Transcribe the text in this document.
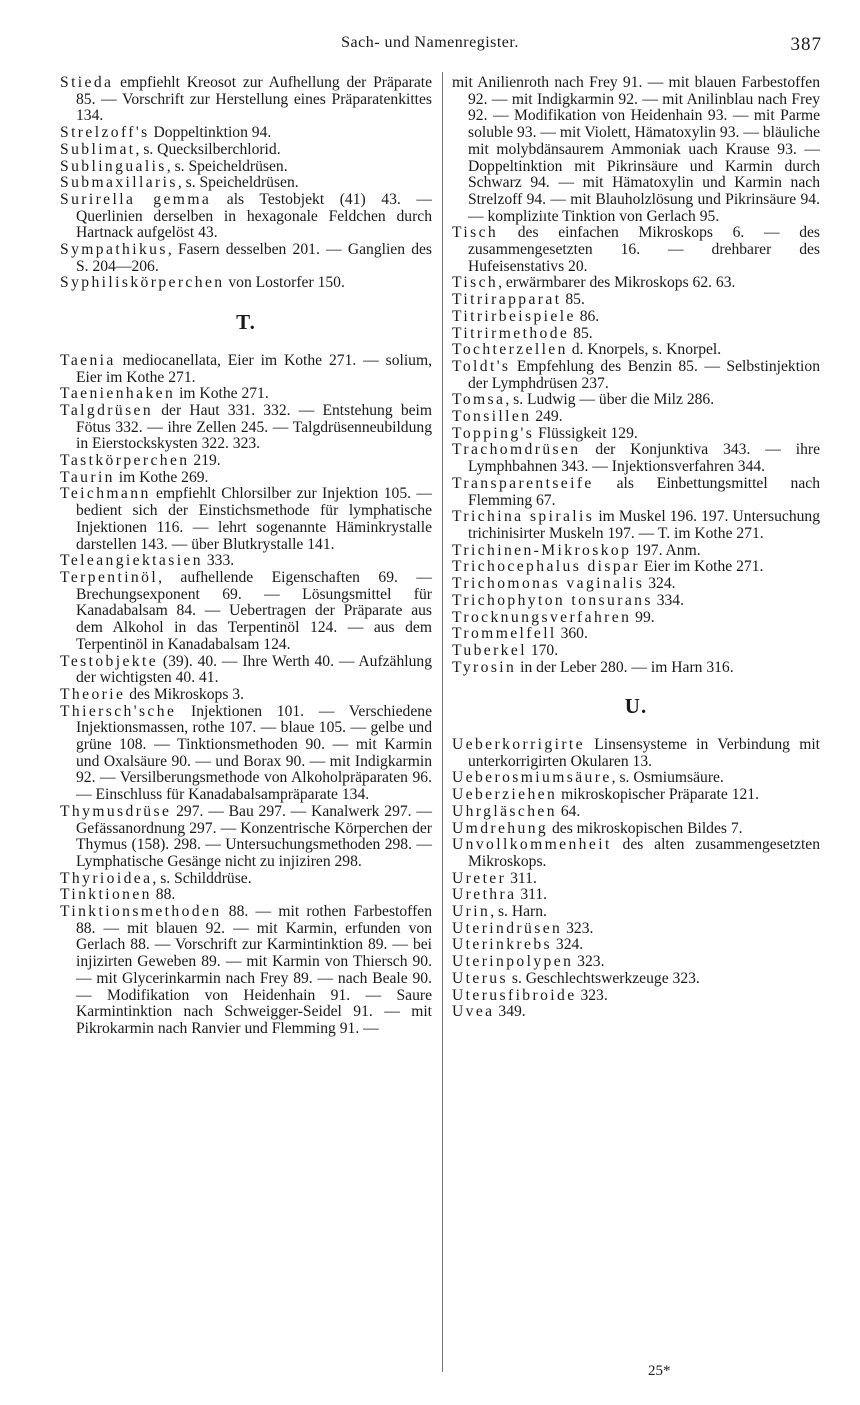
Sach- und Namenregister.	387

Stieda empfiehlt Kreosot zur Aufhellung der Präparate 85. — Vorschrift zur Herstellung eines Präparatenkittes 134.

Strelzoff's Doppeltinktion 94.

Sublimat, s. Quecksilberchlorid.

Sublingualis, s. Speicheldrüsen.

Submaxillaris, s. Speicheldrüsen.

Surirella gemma als Testobjekt (41) 43. — Querlinien derselben in hexagonale Feldchen durch Hartnack aufgelöst 43.

Sympathikus, Fasern desselben 201. — Ganglien des S. 204—206.

Syphiliskörperchen von Lostorfer 150.

T.

Taenia mediocanellata, Eier im Kothe 271. — solium, Eier im Kothe 271.

Taenienhaken im Kothe 271.

Talgdrüsen der Haut 331. 332. — Entstehung beim Fötus 332. — ihre Zellen 245. — Talgdrüsenneubildung in Eierstockskysten 322. 323.

Tastkörperchen 219.

Taurin im Kothe 269.

Teichmann empfiehlt Chlorsilber zur Injektion 105. — bedient sich der Einstichsmethode für lymphatische Injektionen 116. — lehrt sogenannte Häminkrystalle darstellen 143. — über Blutkrystalle 141.

Teleangiektasien 333.

Terpentinöl, aufhellende Eigenschaften 69. — Brechungsexponent 69. — Lösungsmittel für Kanadabalsam 84. — Uebertragen der Präparate aus dem Alkohol in das Terpentinöl 124. — aus dem Terpentinöl in Kanadabalsam 124.

Testobjekte (39). 40. — Ihre Werth 40. — Aufzählung der wichtigsten 40. 41.

Theorie des Mikroskops 3.

Thiersch'sche Injektionen 101. — Verschiedene Injektionsmassen, rothe 107. — blaue 105. — gelbe und grüne 108. — Tinktionsmethoden 90. — mit Karmin und Oxalsäure 90. — und Borax 90. — mit Indigkarmin 92. — Versilberungsmethode von Alkoholpräparaten 96. — Einschluss für Kanadabalsampräparate 134.

Thymusdrüse 297. — Bau 297. — Kanalwerk 297. — Gefässanordnung 297. — Konzentrische Körperchen der Thymus (158). 298. — Untersuchungsmethoden 298. — Lymphatische Gesänge nicht zu injiziren 298.

Thyrioidea, s. Schilddrüse.

Tinktionen 88.

Tinktionsmethoden 88. — mit rothen Farbestoffen 88. — mit blauen 92. — mit Karmin, erfunden von Gerlach 88. — Vorschrift zur Karmintinktion 89. — bei injizirten Geweben 89. — mit Karmin von Thiersch 90. — mit Glycerinkarmin nach Frey 89. — nach Beale 90. — Modifikation von Heidenhain 91. — Saure Karmintinktion nach Schweigger-Seidel 91. — mit Pikrokarmin nach Ranvier und Flemming 91. —

mit Anilienroth nach Frey 91. — mit blauen Farbestoffen 92. — mit Indigkarmin 92. — mit Anilinblau nach Frey 92. — Modifikation von Heidenhain 93. — mit Parme soluble 93. — mit Violett, Hämatoxylin 93. — bläuliche mit molybdänsaurem Ammoniak uach Krause 93. — Doppeltinktion mit Pikrinsäure und Karmin durch Schwarz 94. — mit Hämatoxylin und Karmin nach Strelzoff 94. — mit Blauholzlösung und Pikrinsäure 94. — kompliziıte Tinktion von Gerlach 95.

Tisch des einfachen Mikroskops 6. — des zusammengesetzten 16. — drehbarer des Hufeisenstativs 20.

Tisch, erwärmbarer des Mikroskops 62. 63.

Titrirapparat 85.

Titrirbeispiele 86.

Titrirmethode 85.

Tochterzellen d. Knorpels, s. Knorpel.

Toldt's Empfehlung des Benzin 85. — Selbstinjektion der Lymphdrüsen 237.

Tomsa, s. Ludwig — über die Milz 286.

Tonsillen 249.

Topping's Flüssigkeit 129.

Trachomdrüsen der Konjunktiva 343. — ihre Lymphbahnen 343. — Injektionsverfahren 344.

Transparentseife als Einbettungsmittel nach Flemming 67.

Trichina spiralis im Muskel 196. 197. Untersuchung trichinisirter Muskeln 197. — T. im Kothe 271.

Trichinen-Mikroskop 197. Anm.

Trichocephalus dispar Eier im Kothe 271.

Trichomonas vaginalis 324.

Trichophyton tonsurans 334.

Trocknungsverfahren 99.

Trommelfell 360.

Tuberkel 170.

Tyrosin in der Leber 280. — im Harn 316.

U.

Ueberkorrigirte Linsensysteme in Verbindung mit unterkorrigirten Okularen 13.

Ueberosmiumsäure, s. Osmiumsäure.

Ueberziehen mikroskopischer Präparate 121.

Uhrgläschen 64.

Umdrehung des mikroskopischen Bildes 7.

Unvollkommenheit des alten zusammengesetzten Mikroskops.

Ureter 311.

Urethra 311.

Urin, s. Harn.

Uterindrüsen 323.

Uterinkrebs 324.

Uterinpolypen 323.

Uterus s. Geschlechtswerkzeuge 323.

Uterusfibroide 323.

Uvea 349.

25*
